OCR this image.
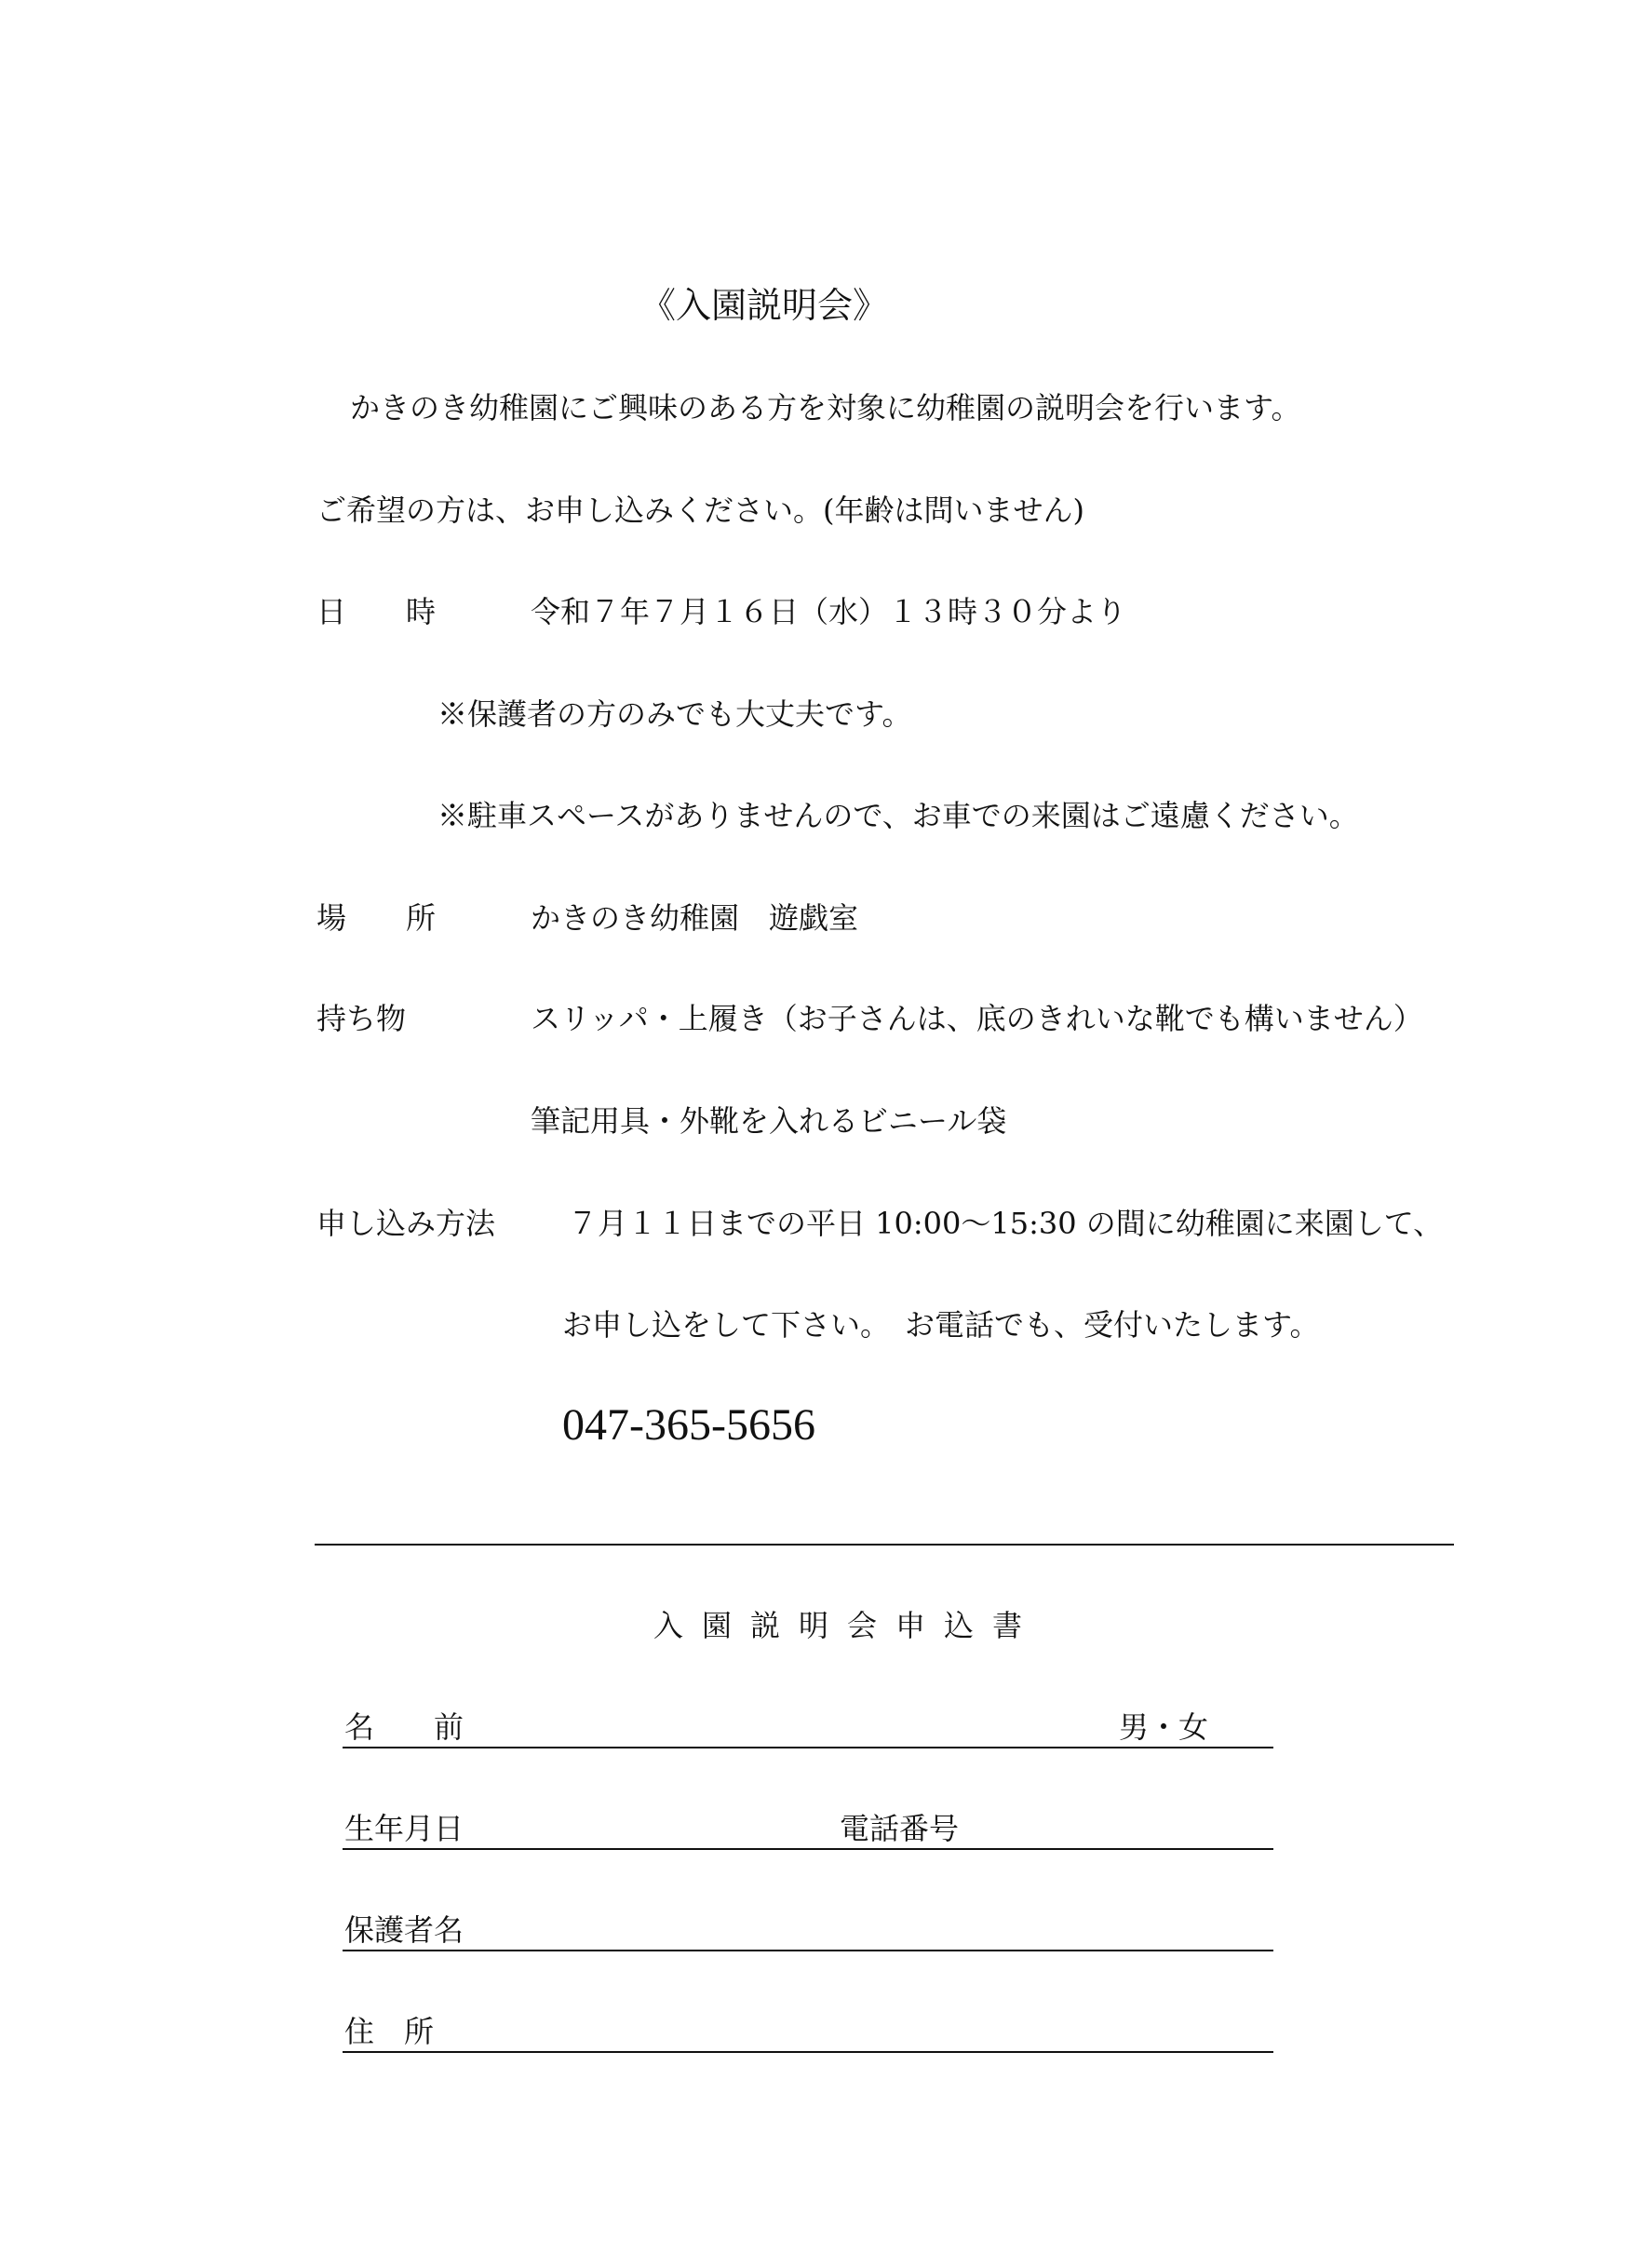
《入園説明会》
かきのき幼稚園にご興味のある方を対象に幼稚園の説明会を行います。
ご希望の方は、お申し込みください。(年齢は問いません)
日　　時	令和７年７月１６日（水）１３時３０分より
※保護者の方のみでも大丈夫です。
※駐車スペースがありませんので、お車での来園はご遠慮ください。
場　　所	かきのき幼稚園　遊戯室
持ち物	スリッパ・上履き（お子さんは、底のきれいな靴でも構いません）
筆記用具・外靴を入れるビニール袋
申し込み方法 ７月１１日までの平日 10:00～15:30 の間に幼稚園に来園して、
お申し込をして下さい。　お電話でも、受付いたします。
047-365-5656
入園説明会申込書
名　　前	男・女
生年月日	電話番号
保護者名
住　所
